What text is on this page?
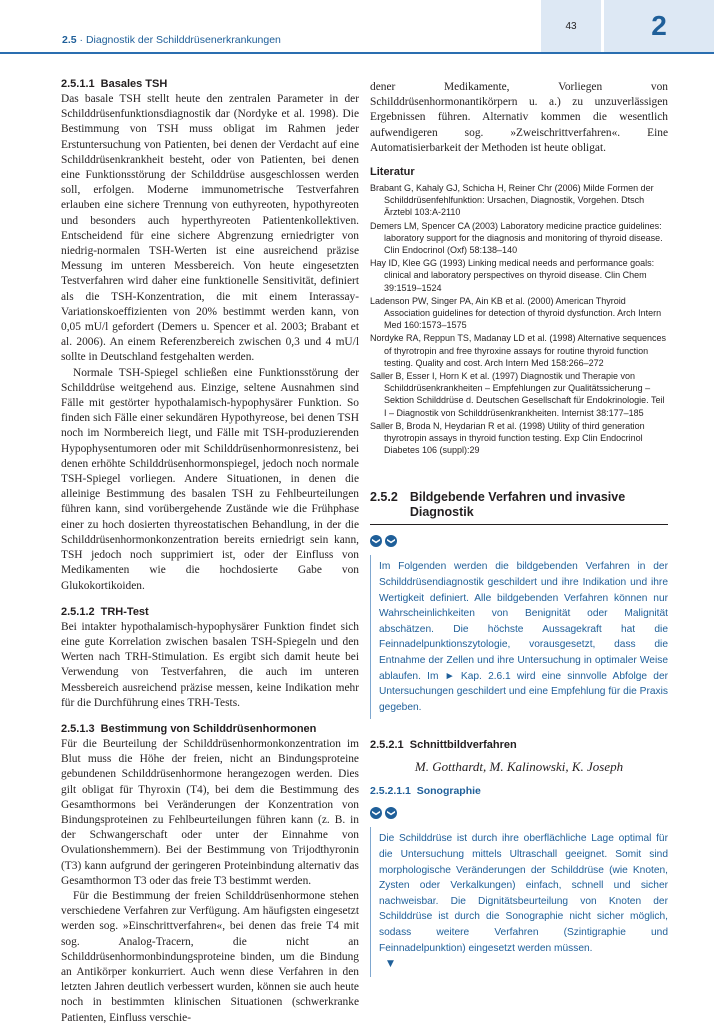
2.5 · Diagnostik der Schilddrüsenerkrankungen
43	2
2.5.1.1 Basales TSH

Das basale TSH stellt heute den zentralen Parameter in der Schilddrüsenfunktionsdiagnostik dar (Nordyke et al. 1998). Die Bestimmung von TSH muss obligat im Rahmen jeder Erstuntersuchung von Patienten, bei denen der Verdacht auf eine Schilddrüsenkrankheit besteht, oder von Patienten, bei denen eine Funktionsstörung der Schilddrüse ausgeschlossen werden soll, erfolgen. Moderne immunometrische Testverfahren erlauben eine sichere Trennung von euthyreoten, hypothyreoten und besonders auch hyperthyreoten Patientenkollektiven. Entscheidend für eine sichere Abgrenzung erniedrigter von niedrig-normalen TSH-Werten ist eine ausreichend präzise Messung im unteren Messbereich. Von heute eingesetzten Testverfahren wird daher eine funktionelle Sensitivität, definiert als die TSH-Konzentration, die mit einem Interassay-Variationskoeffizienten von 20% bestimmt werden kann, von 0,05 mU/l gefordert (Demers u. Spencer et al. 2003; Brabant et al. 2006). An einem Referenzbereich zwischen 0,3 und 4 mU/l sollte in Deutschland festgehalten werden.

Normale TSH-Spiegel schließen eine Funktionsstörung der Schilddrüse weitgehend aus. Einzige, seltene Ausnahmen sind Fälle mit gestörter hypothalamisch-hypophysärer Funktion. So finden sich Fälle einer sekundären Hypothyreose, bei denen TSH noch im Normbereich liegt, und Fälle mit TSH-produzierenden Hypophysentumoren oder mit Schilddrüsenhormonresistenz, bei denen erhöhte Schilddrüsenhormonspiegel, jedoch noch normale TSH-Spiegel vorliegen. Andere Situationen, in denen die alleinige Bestimmung des basalen TSH zu Fehlbeurteilungen führen kann, sind vorübergehende Zustände wie die Frühphase einer zu hoch dosierten thyreostatischen Behandlung, in der die Schilddrüsenhormonkonzentration bereits erniedrigt sein kann, TSH jedoch noch supprimiert ist, oder der Einfluss von Medikamenten wie die hochdosierte Gabe von Glukokortikoiden.

2.5.1.2 TRH-Test

Bei intakter hypothalamisch-hypophysärer Funktion findet sich eine gute Korrelation zwischen basalen TSH-Spiegeln und den Werten nach TRH-Stimulation. Es ergibt sich damit heute bei Verwendung von Testverfahren, die auch im unteren Messbereich ausreichend präzise messen, keine Indikation mehr für die Durchführung eines TRH-Tests.

2.5.1.3 Bestimmung von Schilddrüsenhormonen

Für die Beurteilung der Schilddrüsenhormonkonzentration im Blut muss die Höhe der freien, nicht an Bindungsproteine gebundenen Schilddrüsenhormone herangezogen werden. Dies gilt obligat für Thyroxin (T4), bei dem die Bestimmung des Gesamthormons bei Veränderungen der Konzentration von Bindungsproteinen zu Fehlbeurteilungen führen kann (z. B. in der Schwangerschaft oder unter der Einnahme von Ovulationshemmern). Bei der Bestimmung von Trijodthyronin (T3) kann aufgrund der geringeren Proteinbindung alternativ das Gesamthormon T3 oder das freie T3 bestimmt werden.

Für die Bestimmung der freien Schilddrüsenhormone stehen verschiedene Verfahren zur Verfügung. Am häufigsten eingesetzt werden sog. »Einschrittverfahren«, bei denen das freie T4 mit sog. Analog-Tracern, die nicht an Schilddrüsenhormonbindungsproteine binden, um die Bindung an Antikörper konkurriert. Auch wenn diese Verfahren in den letzten Jahren deutlich verbessert wurden, können sie auch heute noch in bestimmten klinischen Situationen (schwerkranke Patienten, Einfluss verschie-

dener Medikamente, Vorliegen von Schilddrüsenhormonantikörpern u. a.) zu unzuverlässigen Ergebnissen führen. Alternativ kommen die wesentlich aufwendigeren sog. »Zweischrittverfahren«. Eine Automatisierbarkeit der Methoden ist heute obligat.

Literatur

Brabant G, Kahaly GJ, Schicha H, Reiner Chr (2006) Milde Formen der Schilddrüsenfehlfunktion: Ursachen, Diagnostik, Vorgehen. Dtsch Ärztebl 103:A-2110

Demers LM, Spencer CA (2003) Laboratory medicine practice guidelines: laboratory support for the diagnosis and monitoring of thyroid disease. Clin Endocrinol (Oxf) 58:138–140

Hay ID, Klee GG (1993) Linking medical needs and performance goals: clinical and laboratory perspectives on thyroid disease. Clin Chem 39:1519–1524

Ladenson PW, Singer PA, Ain KB et al. (2000) American Thyroid Association guidelines for detection of thyroid dysfunction. Arch Intern Med 160:1573–1575

Nordyke RA, Reppun TS, Madanay LD et al. (1998) Alternative sequences of thyrotropin and free thyroxine assays for routine thyroid function testing. Quality and cost. Arch Intern Med 158:266–272

Saller B, Esser I, Horn K et al. (1997) Diagnostik und Therapie von Schilddrüsenkrankheiten – Empfehlungen zur Qualitätssicherung – Sektion Schilddrüse d. Deutschen Gesellschaft für Endokrinologie. Teil I – Diagnostik von Schilddrüsenkrankheiten. Internist 38:177–185

Saller B, Broda N, Heydarian R et al. (1998) Utility of third generation thyrotropin assays in thyroid function testing. Exp Clin Endocrinol Diabetes 106 (suppl):29

2.5.2 Bildgebende Verfahren und invasive Diagnostik
❯ ❯
Im Folgenden werden die bildgebenden Verfahren in der Schilddrüsendiagnostik geschildert und ihre Indikation und ihre Wertigkeit definiert. Alle bildgebenden Verfahren können nur Wahrscheinlichkeiten von Benignität oder Malignität abschätzen. Die höchste Aussagekraft hat die Feinnadelpunktionszytologie, vorausgesetzt, dass die Entnahme der Zellen und ihre Untersuchung in optimaler Weise ablaufen. Im ► Kap. 2.6.1 wird eine sinnvolle Abfolge der Untersuchungen geschildert und eine Empfehlung für die Praxis gegeben.
2.5.2.1 Schnittbildverfahren
M. Gotthardt, M. Kalinowski, K. Joseph
2.5.2.1.1 Sonographie
❯ ❯
Die Schilddrüse ist durch ihre oberflächliche Lage optimal für die Untersuchung mittels Ultraschall geeignet. Somit sind morphologische Veränderungen der Schilddrüse (wie Knoten, Zysten oder Verkalkungen) einfach, schnell und sicher nachweisbar. Die Dignitätsbeurteilung von Knoten der Schilddrüse ist durch die Sonographie nicht sicher möglich, sodass weitere Verfahren (Szintigraphie und Feinnadelpunktion) eingesetzt werden müssen.
▼
